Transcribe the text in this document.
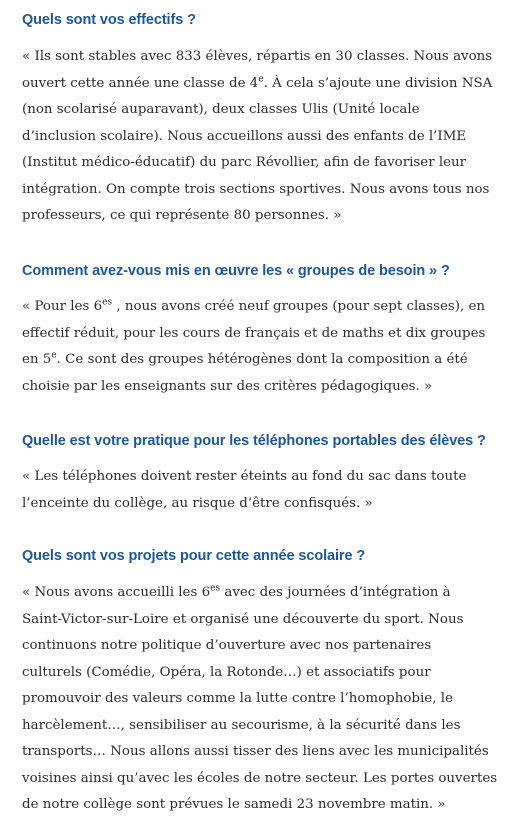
Quels sont vos effectifs ?
« Ils sont stables avec 833 élèves, répartis en 30 classes. Nous avons
ouvert cette année une classe de 4e. À cela s’ajoute une division NSA
(non scolarisé auparavant), deux classes Ulis (Unité locale
d’inclusion scolaire). Nous accueillons aussi des enfants de l’IME
(Institut médico-éducatif) du parc Révollier, afin de favoriser leur
intégration. On compte trois sections sportives. Nous avons tous nos
professeurs, ce qui représente 80 personnes. »
Comment avez-vous mis en œuvre les « groupes de besoin » ?
« Pour les $6^{es}$ , nous avons créé neuf groupes (pour sept classes), en
effectif réduit, pour les cours de français et de maths et dix groupes
en 5e. Ce sont des groupes hétérogènes dont la composition a été
choisie par les enseignants sur des critères pédagogiques. »
Quelle est votre pratique pour les téléphones portables des élèves ?
« Les téléphones doivent rester éteints au fond du sac dans toute
l’enceinte du collège, au risque d’être confisqués. »
Quels sont vos projets pour cette année scolaire ?
« Nous avons accueilli les $6^{es}$ avec des journées d’intégration à
Saint-Victor-sur-Loire et organisé une découverte du sport. Nous
continuons notre politique d’ouverture avec nos partenaires
culturels (Comédie, Opéra, la Rotonde…) et associatifs pour
promouvoir des valeurs comme la lutte contre l’homophobie, le
harcèlement…, sensibiliser au secourisme, à la sécurité dans les
transports… Nous allons aussi tisser des liens avec les municipalités
voisines ainsi qu’avec les écoles de notre secteur. Les portes ouvertes
de notre collège sont prévues le samedi 23 novembre matin. »
